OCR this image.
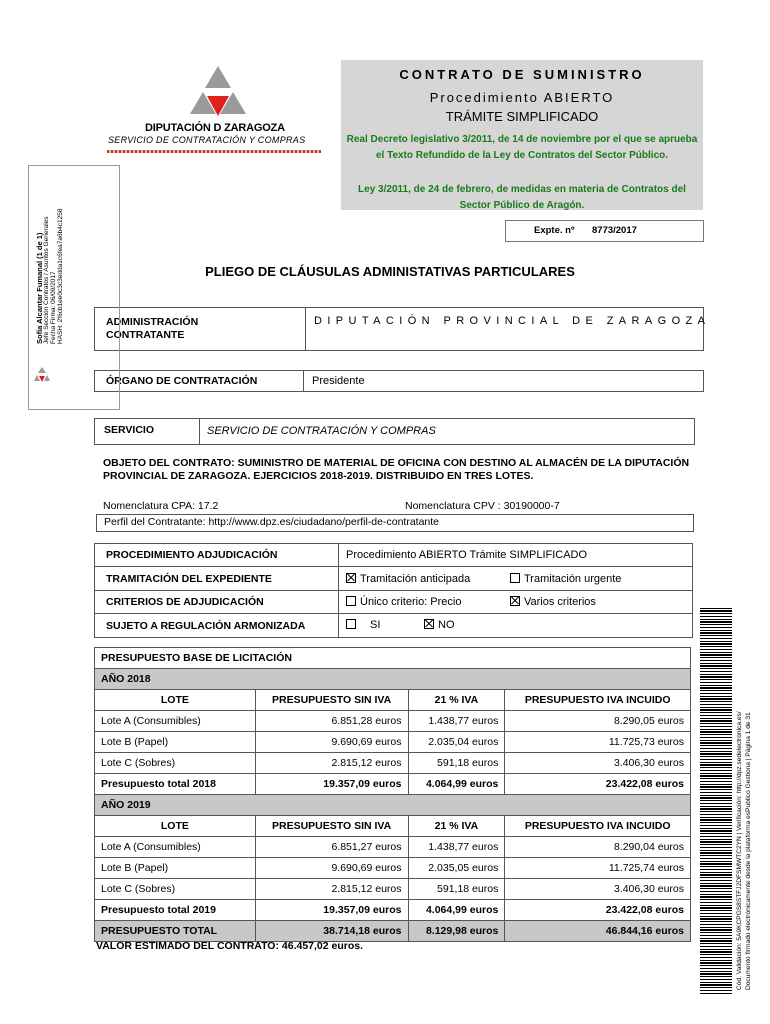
DIPUTACIÓN D ZARAGOZA
SERVICIO DE CONTRATACIÓN Y COMPRAS
CONTRATO DE SUMINISTRO
Procedimiento ABIERTO
TRÁMITE SIMPLIFICADO
Real Decreto legislativo 3/2011, de 14 de noviembre por el que se aprueba el Texto Refundido de la Ley de Contratos del Sector Público.
Ley 3/2011, de 24 de febrero, de medidas en materia de Contratos del Sector Público de Aragón.
Expte. nº 8773/2017
PLIEGO DE CLÁUSULAS ADMINISTATIVAS PARTICULARES
ADMINISTRACIÓN
CONTRATANTE
DIPUTACIÓN PROVINCIAL DE ZARAGOZA
ÓRGANO DE CONTRATACIÓN	Presidente
SERVICIO	SERVICIO DE CONTRATACIÓN Y COMPRAS
OBJETO DEL CONTRATO: SUMINISTRO DE MATERIAL DE OFICINA CON DESTINO AL ALMACÉN DE LA DIPUTACIÓN PROVINCIAL DE ZARAGOZA. EJERCICIOS 2018-2019. DISTRIBUIDO EN TRES LOTES.
Nomenclatura CPA: 17.2	Nomenclatura CPV : 30190000-7
Perfil del Contratante: http://www.dpz.es/ciudadano/perfil-de-contratante
PROCEDIMIENTO ADJUDICACIÓN	Procedimiento ABIERTO Trámite SIMPLIFICADO
TRAMITACIÓN DEL EXPEDIENTE	Tramitación anticipada	Tramitación urgente
CRITERIOS DE ADJUDICACIÓN	Único criterio: Precio	Varios criterios
SUJETO A REGULACIÓN ARMONIZADA	SI	NO
PRESUPUESTO BASE DE LICITACIÓN			
AÑO 2018			
LOTE	PRESUPUESTO SIN IVA	21 % IVA	PRESUPUESTO IVA INCUIDO
Lote A (Consumibles)	6.851,28 euros	1.438,77 euros	8.290,05 euros
Lote B (Papel)	9.690,69 euros	2.035,04 euros	11.725,73 euros
Lote C (Sobres)	2.815,12 euros	591,18 euros	3.406,30 euros
Presupuesto total 2018	19.357,09 euros	4.064,99 euros	23.422,08 euros
AÑO 2019			
LOTE	PRESUPUESTO SIN IVA	21 % IVA	PRESUPUESTO IVA INCUIDO
Lote A (Consumibles)	6.851,27 euros	1.438,77 euros	8.290,04 euros
Lote B (Papel)	9.690,69 euros	2.035,05 euros	11.725,74 euros
Lote C (Sobres)	2.815,12 euros	591,18 euros	3.406,30 euros
Presupuesto total 2019	19.357,09 euros	4.064,99 euros	23.422,08 euros
PRESUPUESTO TOTAL	38.714,18 euros	8.129,98 euros	46.844,16 euros
VALOR ESTIMADO DEL CONTRATO: 46.457,02 euros.
Sofía Alcantar Fumanal (1 de 1) Jefe Sección Contratos / Asuntos Generales Fecha Firma: 06/09/2017 HASH: 2f6cb1ee0c3c3edda1c6fea7a6b4c1258
Cód. Validación: 5A9KCPGS8STFJ2DFSMWTC2YN | Verificación: http://dpz.sedelectronica.es/ Documento firmado electrónicamente desde la plataforma esPublico Gestiona | Página 1 de 31
